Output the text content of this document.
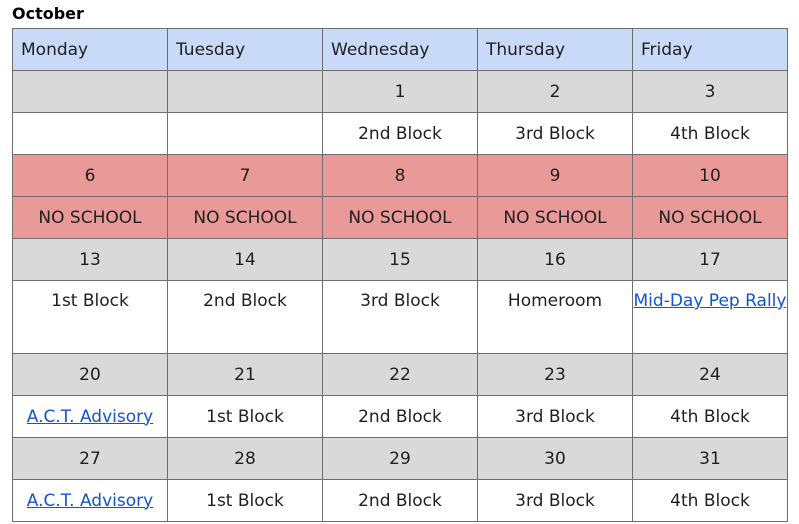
October
Monday	Tuesday	Wednesday	Thursday	Friday
		1	2	3
		2nd Block	3rd Block	4th Block
6	7	8	9	10
NO SCHOOL	NO SCHOOL	NO SCHOOL	NO SCHOOL	NO SCHOOL
13	14	15	16	17
1st Block	2nd Block	3rd Block	Homeroom	Mid-Day Pep Rally
20	21	22	23	24
A.C.T. Advisory	1st Block	2nd Block	3rd Block	4th Block
27	28	29	30	31
A.C.T. Advisory	1st Block	2nd Block	3rd Block	4th Block
